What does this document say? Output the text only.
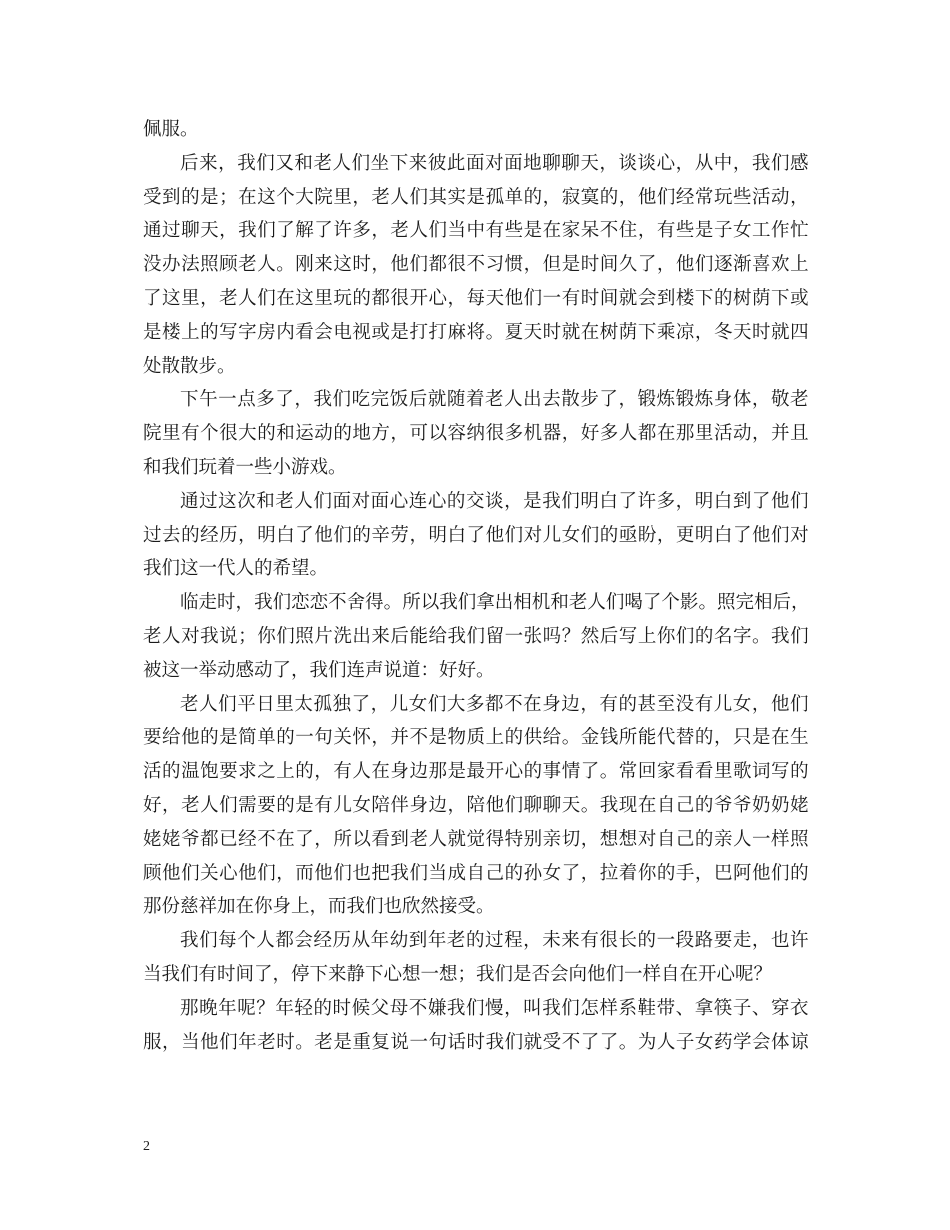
佩服。
后 来 ， 我 们 又 和 老 人 们 坐 下 来 彼 此 面 对 面 地 聊 聊 天 ， 谈 谈 心 ， 从 中 ， 我 们 感
受 到 的 是 ； 在 这 个 大 院 里 ， 老 人 们 其 实 是 孤 单 的 ， 寂 寞 的 ， 他 们 经 常 玩 些 活 动 ，
通 过 聊 天 ， 我 们 了 解 了 许 多 ， 老 人 们 当 中 有 些 是 在 家 呆 不 住 ， 有 些 是 子 女 工 作 忙
没 办 法 照 顾 老 人 。 刚 来 这 时 ， 他 们 都 很 不 习 惯 ， 但 是 时 间 久 了 ， 他 们 逐 渐 喜 欢 上
了 这 里 ， 老 人 们 在 这 里 玩 的 都 很 开 心 ， 每 天 他 们 一 有 时 间 就 会 到 楼 下 的 树 荫 下 或
是 楼 上 的 写 字 房 内 看 会 电 视 或 是 打 打 麻 将 。 夏 天 时 就 在 树 荫 下 乘 凉 ， 冬 天 时 就 四
处散散步。
下 午 一 点 多 了 ， 我 们 吃 完 饭 后 就 随 着 老 人 出 去 散 步 了 ， 锻 炼 锻 炼 身 体 ， 敬 老
院 里 有 个 很 大 的 和 运 动 的 地 方 ， 可 以 容 纳 很 多 机 器 ， 好 多 人 都 在 那 里 活 动 ， 并 且
和我们玩着一些小游戏。
通 过 这 次 和 老 人 们 面 对 面 心 连 心 的 交 谈 ， 是 我 们 明 白 了 许 多 ， 明 白 到 了 他 们
过 去 的 经 历 ， 明 白 了 他 们 的 辛 劳 ， 明 白 了 他 们 对 儿 女 们 的 亟 盼 ， 更 明 白 了 他 们 对
我们这一代人的希望。
临 走 时 ， 我 们 恋 恋 不 舍 得 。 所 以 我 们 拿 出 相 机 和 老 人 们 喝 了 个 影 。 照 完 相 后 ，
老 人 对 我 说 ； 你 们 照 片 洗 出 来 后 能 给 我 们 留 一 张 吗 ？ 然 后 写 上 你 们 的 名 字 。 我 们
被这一举动感动了，我们连声说道：好好。
老 人 们 平 日 里 太 孤 独 了 ， 儿 女 们 大 多 都 不 在 身 边 ， 有 的 甚 至 没 有 儿 女 ， 他 们
要 给 他 的 是 简 单 的 一 句 关 怀 ， 并 不 是 物 质 上 的 供 给 。 金 钱 所 能 代 替 的 ， 只 是 在 生
活 的 温 饱 要 求 之 上 的 ， 有 人 在 身 边 那 是 最 开 心 的 事 情 了 。 常 回 家 看 看 里 歌 词 写 的
好 ， 老 人 们 需 要 的 是 有 儿 女 陪 伴 身 边 ， 陪 他 们 聊 聊 天 。 我 现 在 自 己 的 爷 爷 奶 奶 姥
姥 姥 爷 都 已 经 不 在 了 ， 所 以 看 到 老 人 就 觉 得 特 别 亲 切 ， 想 想 对 自 己 的 亲 人 一 样 照
顾 他 们 关 心 他 们 ， 而 他 们 也 把 我 们 当 成 自 己 的 孙 女 了 ， 拉 着 你 的 手 ， 巴 阿 他 们 的
那份慈祥加在你身上，而我们也欣然接受。
我 们 每 个 人 都 会 经 历 从 年 幼 到 年 老 的 过 程 ， 未 来 有 很 长 的 一 段 路 要 走 ， 也 许
当我们有时间了，停下来静下心想一想；我们是否会向他们一样自在开心呢？
那 晚 年 呢 ？ 年 轻 的 时 候 父 母 不 嫌 我 们 慢 ， 叫 我 们 怎 样 系 鞋 带 、 拿 筷 子 、 穿 衣
服 ， 当 他 们 年 老 时 。 老 是 重 复 说 一 句 话 时 我 们 就 受 不 了 了 。 为 人 子 女 药 学 会 体 谅
2
